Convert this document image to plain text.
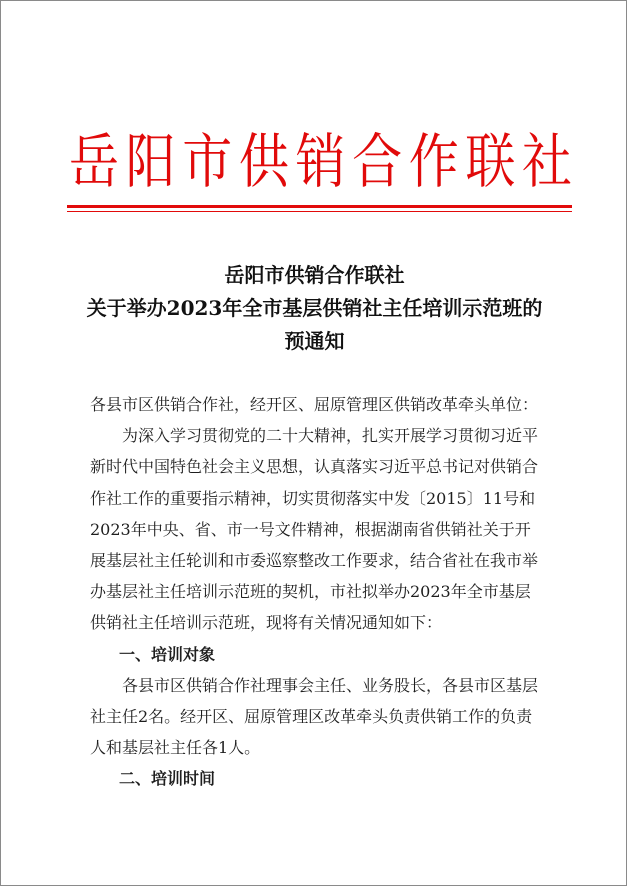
岳 阳 市 供 销 合 作 联 社
岳阳市供销合作联社
关于举办2023年全市基层供销社主任培训示范班的
预通知
各县市区供销合作社，经开区、屈原管理区供销改革牵头单位：
为深入学习贯彻党的二十大精神，扎实开展学习贯彻习近平
新时代中国特色社会主义思想，认真落实习近平总书记对供销合
作社工作的重要指示精神，切实贯彻落实中发〔2015〕11号和
2023年中央、省、市一号文件精神，根据湖南省供销社关于开
展基层社主任轮训和市委巡察整改工作要求，结合省社在我市举
办基层社主任培训示范班的契机，市社拟举办2023年全市基层
供销社主任培训示范班，现将有关情况通知如下：
一、培训对象
各县市区供销合作社理事会主任、业务股长，各县市区基层
社主任2名。经开区、屈原管理区改革牵头负责供销工作的负责
人和基层社主任各1人。
二、培训时间
